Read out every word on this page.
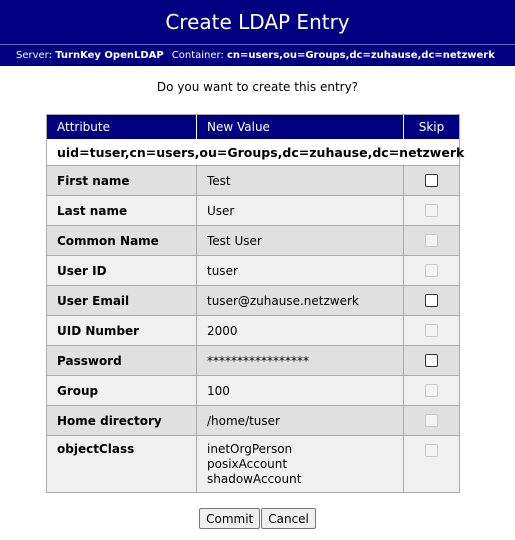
Create LDAP Entry
Server:
TurnKey OpenLDAP Container:
cn=users,ou=Groups,dc=zuhause,dc=netzwerk
Do you want to create this entry?
Attribute	New Value	Skip
uid=tuser,cn=users,ou=Groups,dc=zuhause,dc=netzwerk
First name	Test
Last name	User
Common Name	Test User
User ID	tuser
User Email	tuser@zuhause.netzwerk
UID Number	2000
Password	*****************
Group	100
Home directory	/home/tuser
objectClass	inetOrgPerson
posixAccount
shadowAccount
Commit	Cancel
